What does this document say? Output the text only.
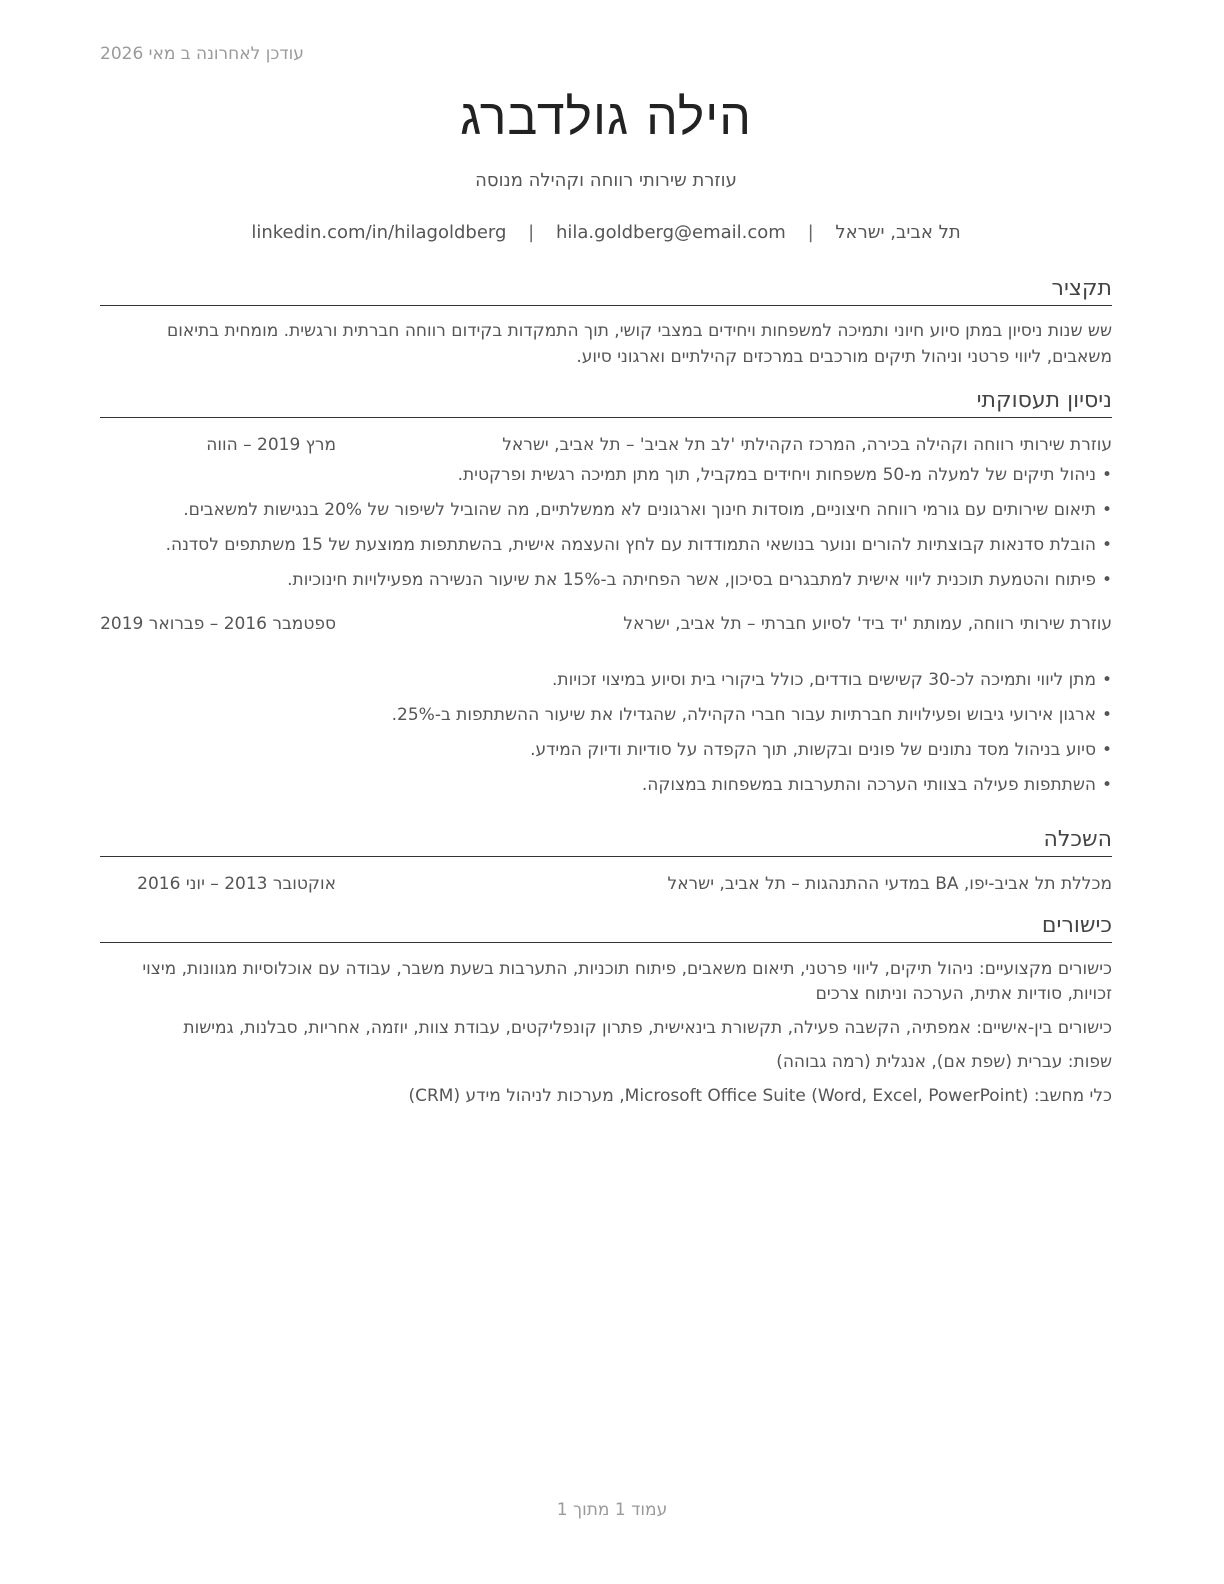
עודכן לאחרונה ב מאי 2026
הילה גולדברג
עוזרת שירותי רווחה וקהילה מנוסה
תל אביב, ישראל | hila.goldberg@email.com | linkedin.com/in/hilagoldberg
תקציר
שש שנות ניסיון במתן סיוע חיוני ותמיכה למשפחות ויחידים במצבי קושי, תוך התמקדות בקידום רווחה חברתית ורגשית. מומחית בתיאום משאבים, ליווי פרטני וניהול תיקים מורכבים במרכזים קהילתיים וארגוני סיוע.
ניסיון תעסוקתי
עוזרת שירותי רווחה וקהילה בכירה, המרכז הקהילתי 'לב תל אביב' – תל אביב, ישראל
מרץ 2019 – הווה
• ניהול תיקים של למעלה מ-50 משפחות ויחידים במקביל, תוך מתן תמיכה רגשית ופרקטית.
• תיאום שירותים עם גורמי רווחה חיצוניים, מוסדות חינוך וארגונים לא ממשלתיים, מה שהוביל לשיפור של 20% בנגישות למשאבים.
• הובלת סדנאות קבוצתיות להורים ונוער בנושאי התמודדות עם לחץ והעצמה אישית, בהשתתפות ממוצעת של 15 משתתפים לסדנה.
• פיתוח והטמעת תוכנית ליווי אישית למתבגרים בסיכון, אשר הפחיתה ב-15% את שיעור הנשירה מפעילויות חינוכיות.
עוזרת שירותי רווחה, עמותת 'יד ביד' לסיוע חברתי – תל אביב, ישראל
ספטמבר 2016 – פברואר 2019
• מתן ליווי ותמיכה לכ-30 קשישים בודדים, כולל ביקורי בית וסיוע במיצוי זכויות.
• ארגון אירועי גיבוש ופעילויות חברתיות עבור חברי הקהילה, שהגדילו את שיעור ההשתתפות ב-25%.
• סיוע בניהול מסד נתונים של פונים ובקשות, תוך הקפדה על סודיות ודיוק המידע.
• השתתפות פעילה בצוותי הערכה והתערבות במשפחות במצוקה.
השכלה
מכללת תל אביב-יפו, BA במדעי ההתנהגות – תל אביב, ישראל
אוקטובר 2013 – יוני 2016
כישורים
כישורים מקצועיים: ניהול תיקים, ליווי פרטני, תיאום משאבים, פיתוח תוכניות, התערבות בשעת משבר, עבודה עם אוכלוסיות מגוונות, מיצוי זכויות, סודיות אתית, הערכה וניתוח צרכים
כישורים בין-אישיים: אמפתיה, הקשבה פעילה, תקשורת בינאישית, פתרון קונפליקטים, עבודת צוות, יוזמה, אחריות, סבלנות, גמישות
שפות: עברית (שפת אם), אנגלית (רמה גבוהה)
כלי מחשב: Microsoft Office Suite (Word, Excel, PowerPoint), מערכות לניהול מידע (CRM)
עמוד 1 מתוך 1
